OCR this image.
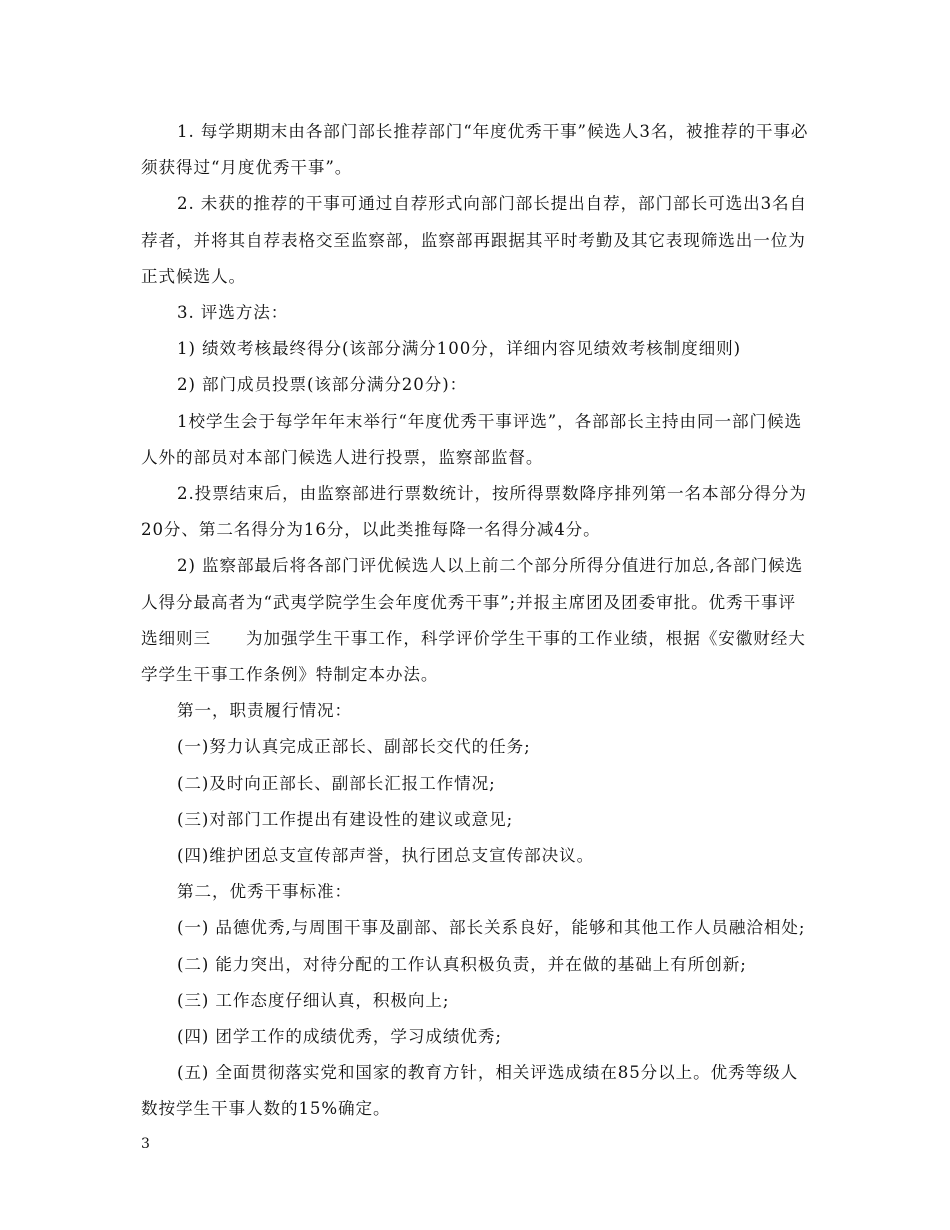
1. 每学期期末由各部门部长推荐部门“年度优秀干事”候选人3名，被推荐的干事必须获得过“月度优秀干事”。

2. 未获的推荐的干事可通过自荐形式向部门部长提出自荐，部门部长可选出3名自荐者，并将其自荐表格交至监察部，监察部再跟据其平时考勤及其它表现筛选出一位为正式候选人。

3. 评选方法：

1) 绩效考核最终得分(该部分满分100分，详细内容见绩效考核制度细则)

2) 部门成员投票(该部分满分20分)：

1校学生会于每学年年末举行“年度优秀干事评选”，各部部长主持由同一部门候选人外的部员对本部门候选人进行投票，监察部监督。

2.投票结束后，由监察部进行票数统计，按所得票数降序排列第一名本部分得分为20分、第二名得分为16分，以此类推每降一名得分减4分。

2) 监察部最后将各部门评优候选人以上前二个部分所得分值进行加总,各部门候选人得分最高者为“武夷学院学生会年度优秀干事”;并报主席团及团委审批。优秀干事评选细则三　　为加强学生干事工作，科学评价学生干事的工作业绩，根据《安徽财经大学学生干事工作条例》特制定本办法。

第一，职责履行情况：

(一)努力认真完成正部长、副部长交代的任务;

(二)及时向正部长、副部长汇报工作情况;

(三)对部门工作提出有建设性的建议或意见;

(四)维护团总支宣传部声誉，执行团总支宣传部决议。

第二，优秀干事标准：

(一) 品德优秀,与周围干事及副部、部长关系良好，能够和其他工作人员融洽相处;

(二) 能力突出，对待分配的工作认真积极负责，并在做的基础上有所创新;

(三) 工作态度仔细认真，积极向上;

(四) 团学工作的成绩优秀，学习成绩优秀;

(五) 全面贯彻落实党和国家的教育方针，相关评选成绩在85分以上。优秀等级人数按学生干事人数的15%确定。

3
